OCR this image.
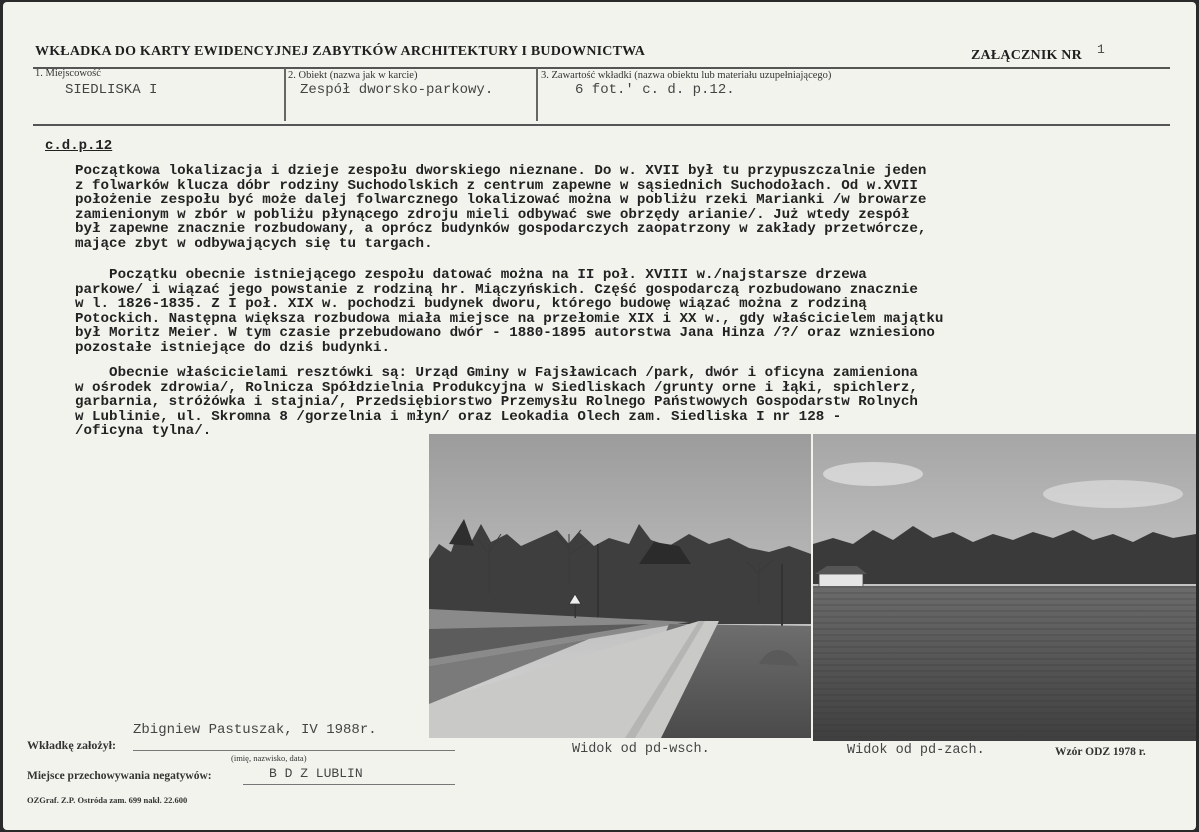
WKŁADKA DO KARTY EWIDENCYJNEJ ZABYTKÓW ARCHITEKTURY I BUDOWNICTWA	ZAŁĄCZNIK NR 1
1. Miejscowość
SIEDLISKA I
2. Obiekt (nazwa jak w karcie)
Zespół dworsko-parkowy.
3. Zawartość wkładki (nazwa obiektu lub materiału uzupełniającego)
6 fot.' c. d. p.12.
c.d.p.12
Początkowa lokalizacja i dzieje zespołu dworskiego nieznane. Do w. XVII był tu przypuszczalnie jeden
z folwarków klucza dóbr rodziny Suchodolskich z centrum zapewne w sąsiednich Suchodołach. Od w.XVII
położenie zespołu być może dalej folwarcznego lokalizować można w pobliżu rzeki Marianki /w browarze
zamienionym w zbór w pobliżu płynącego zdroju mieli odbywać swe obrzędy arianie/. Już wtedy zespół
był zapewne znacznie rozbudowany, a oprócz budynków gospodarczych zaopatrzony w zakłady przetwórcze,
mające zbyt w odbywających się tu targach.
Początku obecnie istniejącego zespołu datować można na II poł. XVIII w./najstarsze drzewa
parkowe/ i wiązać jego powstanie z rodziną hr. Miączyńskich. Część gospodarczą rozbudowano znacznie
w l. 1826-1835. Z I poł. XIX w. pochodzi budynek dworu, którego budowę wiązać można z rodziną
Potockich. Następna większa rozbudowa miała miejsce na przełomie XIX i XX w., gdy właścicielem majątku
był Moritz Meier. W tym czasie przebudowano dwór - 1880-1895 autorstwa Jana Hinza /?/ oraz wzniesiono
pozostałe istniejące do dziś budynki.
Obecnie właścicielami resztówki są: Urząd Gminy w Fajsławicach /park, dwór i oficyna zamieniona
w ośrodek zdrowia/, Rolnicza Spółdzielnia Produkcyjna w Siedliskach /grunty orne i łąki, spichlerz,
garbarnia, stróżówka i stajnia/, Przedsiębiorstwo Przemysłu Rolnego Państwowych Gospodarstw Rolnych
w Lublinie, ul. Skromna 8 /gorzelnia i młyn/ oraz Leokadia Olech zam. Siedliska I nr 128 -
/oficyna tylna/.
Widok od pd-wsch.	Widok od pd-zach.	Wzór ODZ 1978 r.
Wkładkę założył:
Zbigniew Pastuszak, IV 1988r.
(imię, nazwisko, data)
Miejsce przechowywania negatywów:	B D Z LUBLIN
OZGraf. Z.P. Ostróda zam. 699 nakł. 22.600
